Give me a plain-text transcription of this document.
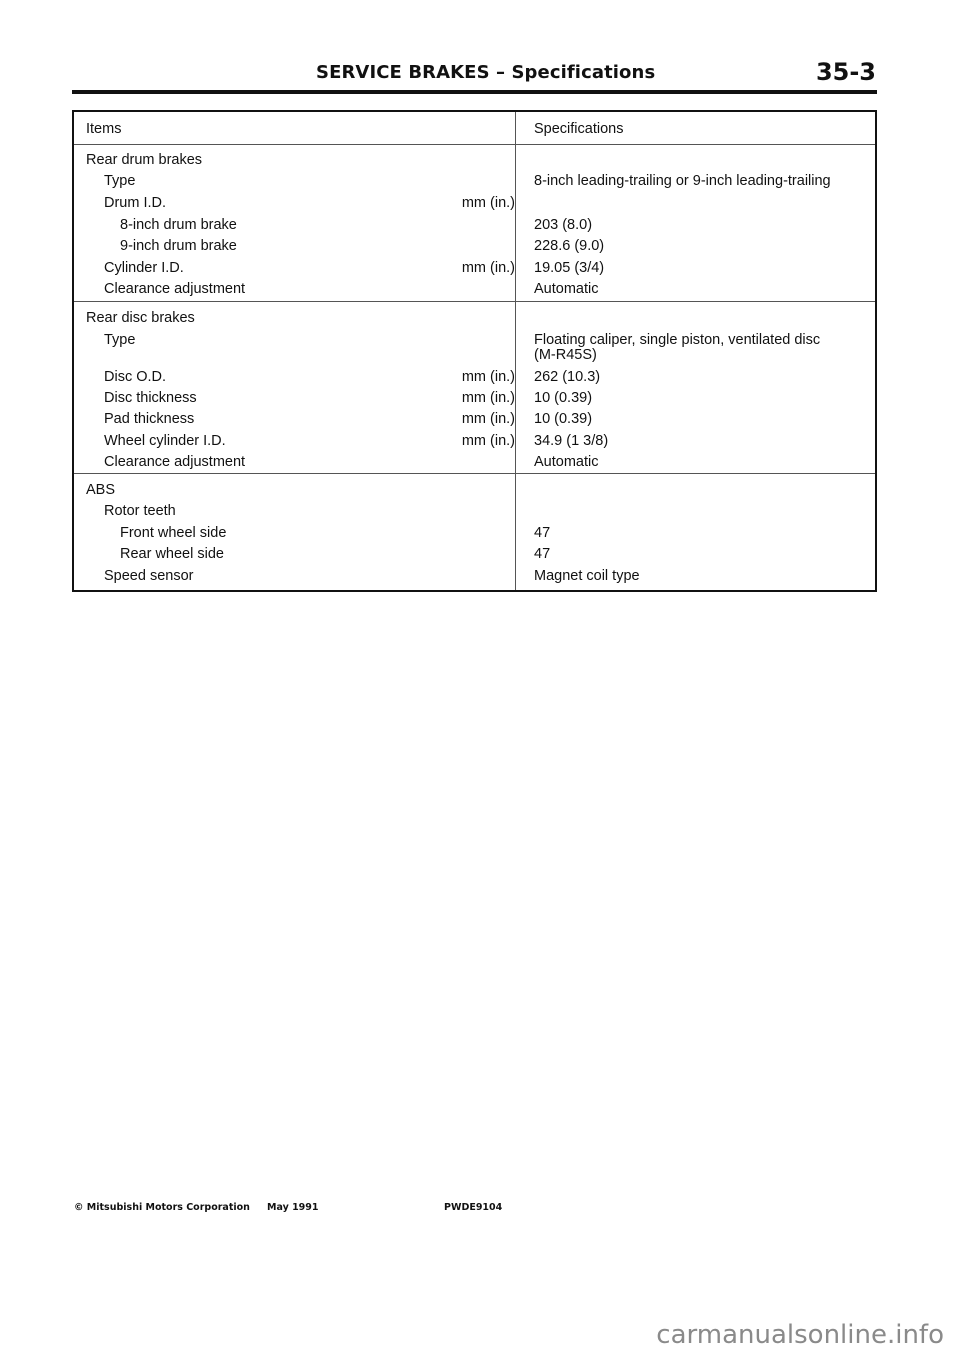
SERVICE BRAKES – Specifications	35-3
Items	Specifications
Rear drum brakes
Type	8-inch leading-trailing or 9-inch leading-trailing
Drum I.D.	mm (in.)
8-inch drum brake	203 (8.0)
9-inch drum brake	228.6 (9.0)
Cylinder I.D.	mm (in.) 19.05 (3/4)
Clearance adjustment	Automatic
Rear disc brakes
Type	Floating caliper, single piston, ventilated disc
(M-R45S)
Disc O.D.	mm (in.) 262 (10.3)
Disc thickness	mm (in.) 10 (0.39)
Pad thickness	mm (in.) 10 (0.39)
Wheel cylinder I.D.	mm (in.) 34.9 (1 3/8)
Clearance adjustment	Automatic
ABS
Rotor teeth
Front wheel side	47
Rear wheel side	47
Speed sensor	Magnet coil type
© Mitsubishi Motors Corporation May 1991	PWDE9104
carmanualsonline.info
